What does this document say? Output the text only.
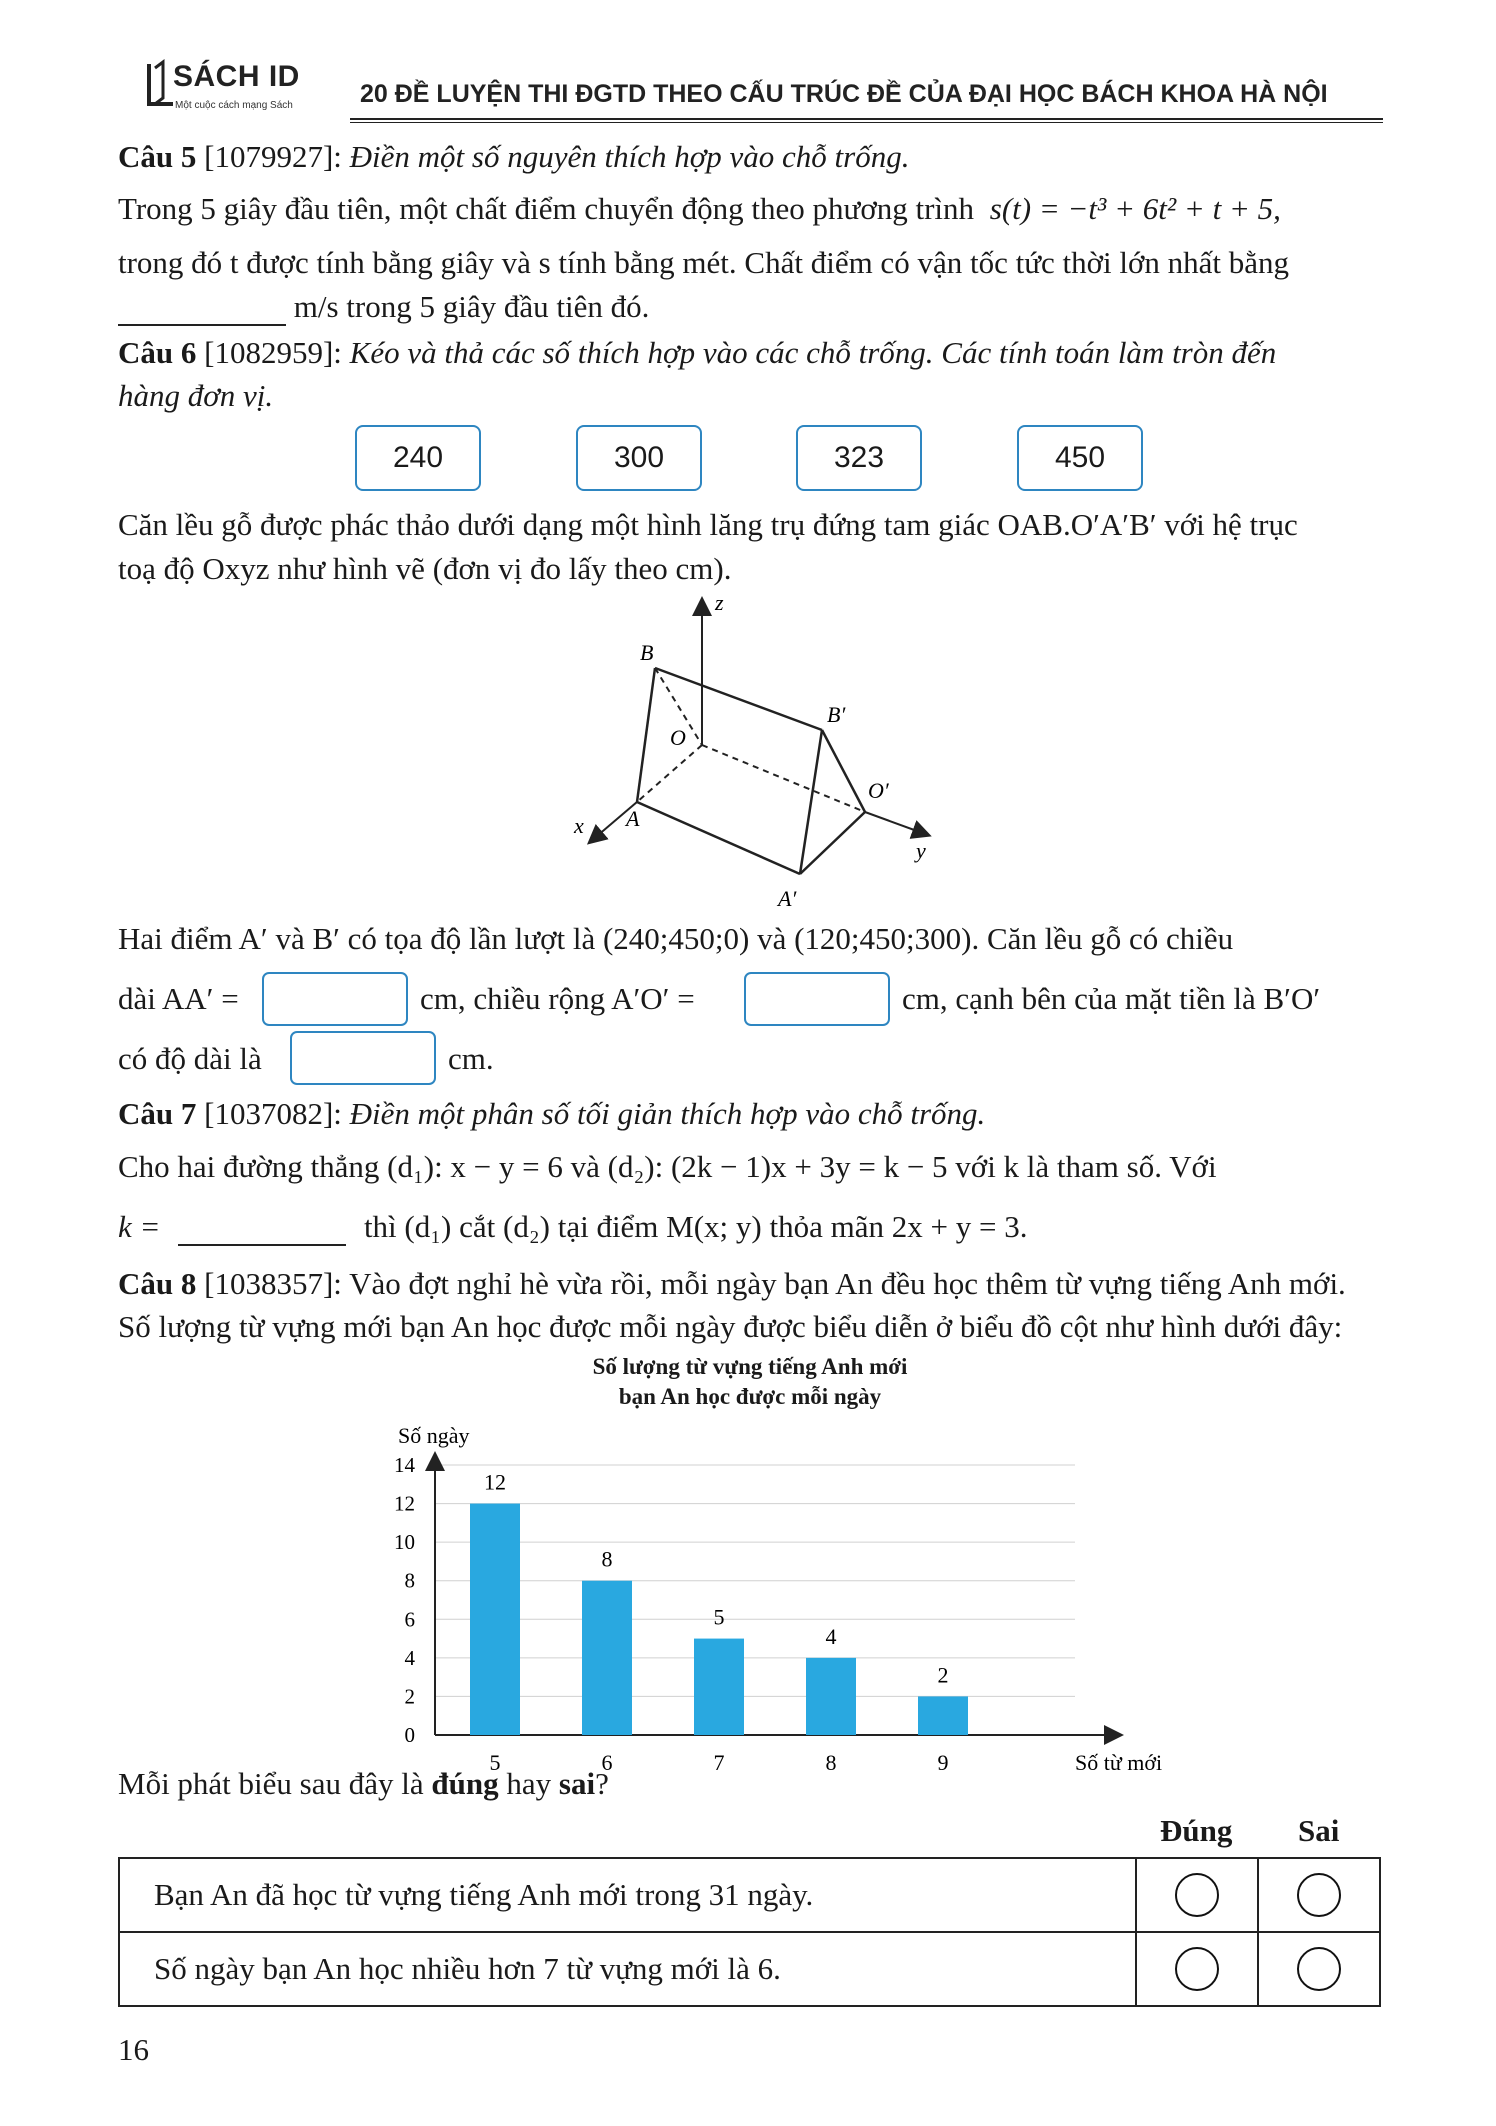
SÁCH ID
Một cuộc cách mạng Sách	20 ĐỀ LUYỆN THI ĐGTD THEO CẤU TRÚC ĐỀ CỦA ĐẠI HỌC BÁCH KHOA HÀ NỘI
Câu 5 [1079927]: Điền một số nguyên thích hợp vào chỗ trống.
Trong 5 giây đầu tiên, một chất điểm chuyển động theo phương trình s(t) = −t³ + 6t² + t + 5,
trong đó t được tính bằng giây và s tính bằng mét. Chất điểm có vận tốc tức thời lớn nhất bằng
m/s trong 5 giây đầu tiên đó.
Câu 6 [1082959]: Kéo và thả các số thích hợp vào các chỗ trống. Các tính toán làm tròn đến
hàng đơn vị.
240	300	323	450
Căn lều gỗ được phác thảo dưới dạng một hình lăng trụ đứng tam giác OAB.O′A′B′ với hệ trục
toạ độ Oxyz như hình vẽ (đơn vị đo lấy theo cm).
z
B
B′
O
O′
x A
y
A′
Hai điểm A′ và B′ có tọa độ lần lượt là (240;450;0) và (120;450;300). Căn lều gỗ có chiều
dài AA′ =	cm, chiều rộng A′O′ =	cm, cạnh bên của mặt tiền là B′O′
có độ dài là	cm.
Câu 7 [1037082]: Điền một phân số tối giản thích hợp vào chỗ trống.
Cho hai đường thẳng (d₁): x − y = 6 và (d₂): (2k − 1)x + 3y = k − 5 với k là tham số. Với
k =	thì (d₁) cắt (d₂) tại điểm M(x; y) thỏa mãn 2x + y = 3.
Câu 8 [1038357]: Vào đợt nghỉ hè vừa rồi, mỗi ngày bạn An đều học thêm từ vựng tiếng Anh mới.
Số lượng từ vựng mới bạn An học được mỗi ngày được biểu diễn ở biểu đồ cột như hình dưới đây:
Số lượng từ vựng tiếng Anh mới
bạn An học được mỗi ngày
0
2
4
6
8
10
12
14
Số ngày
Số từ mới
12
5
8
6
5
7
4
8
2
9
Mỗi phát biểu sau đây là đúng hay sai?
Đúng Sai
Bạn An đã học từ vựng tiếng Anh mới trong 31 ngày.		
Số ngày bạn An học nhiều hơn 7 từ vựng mới là 6.		
16
